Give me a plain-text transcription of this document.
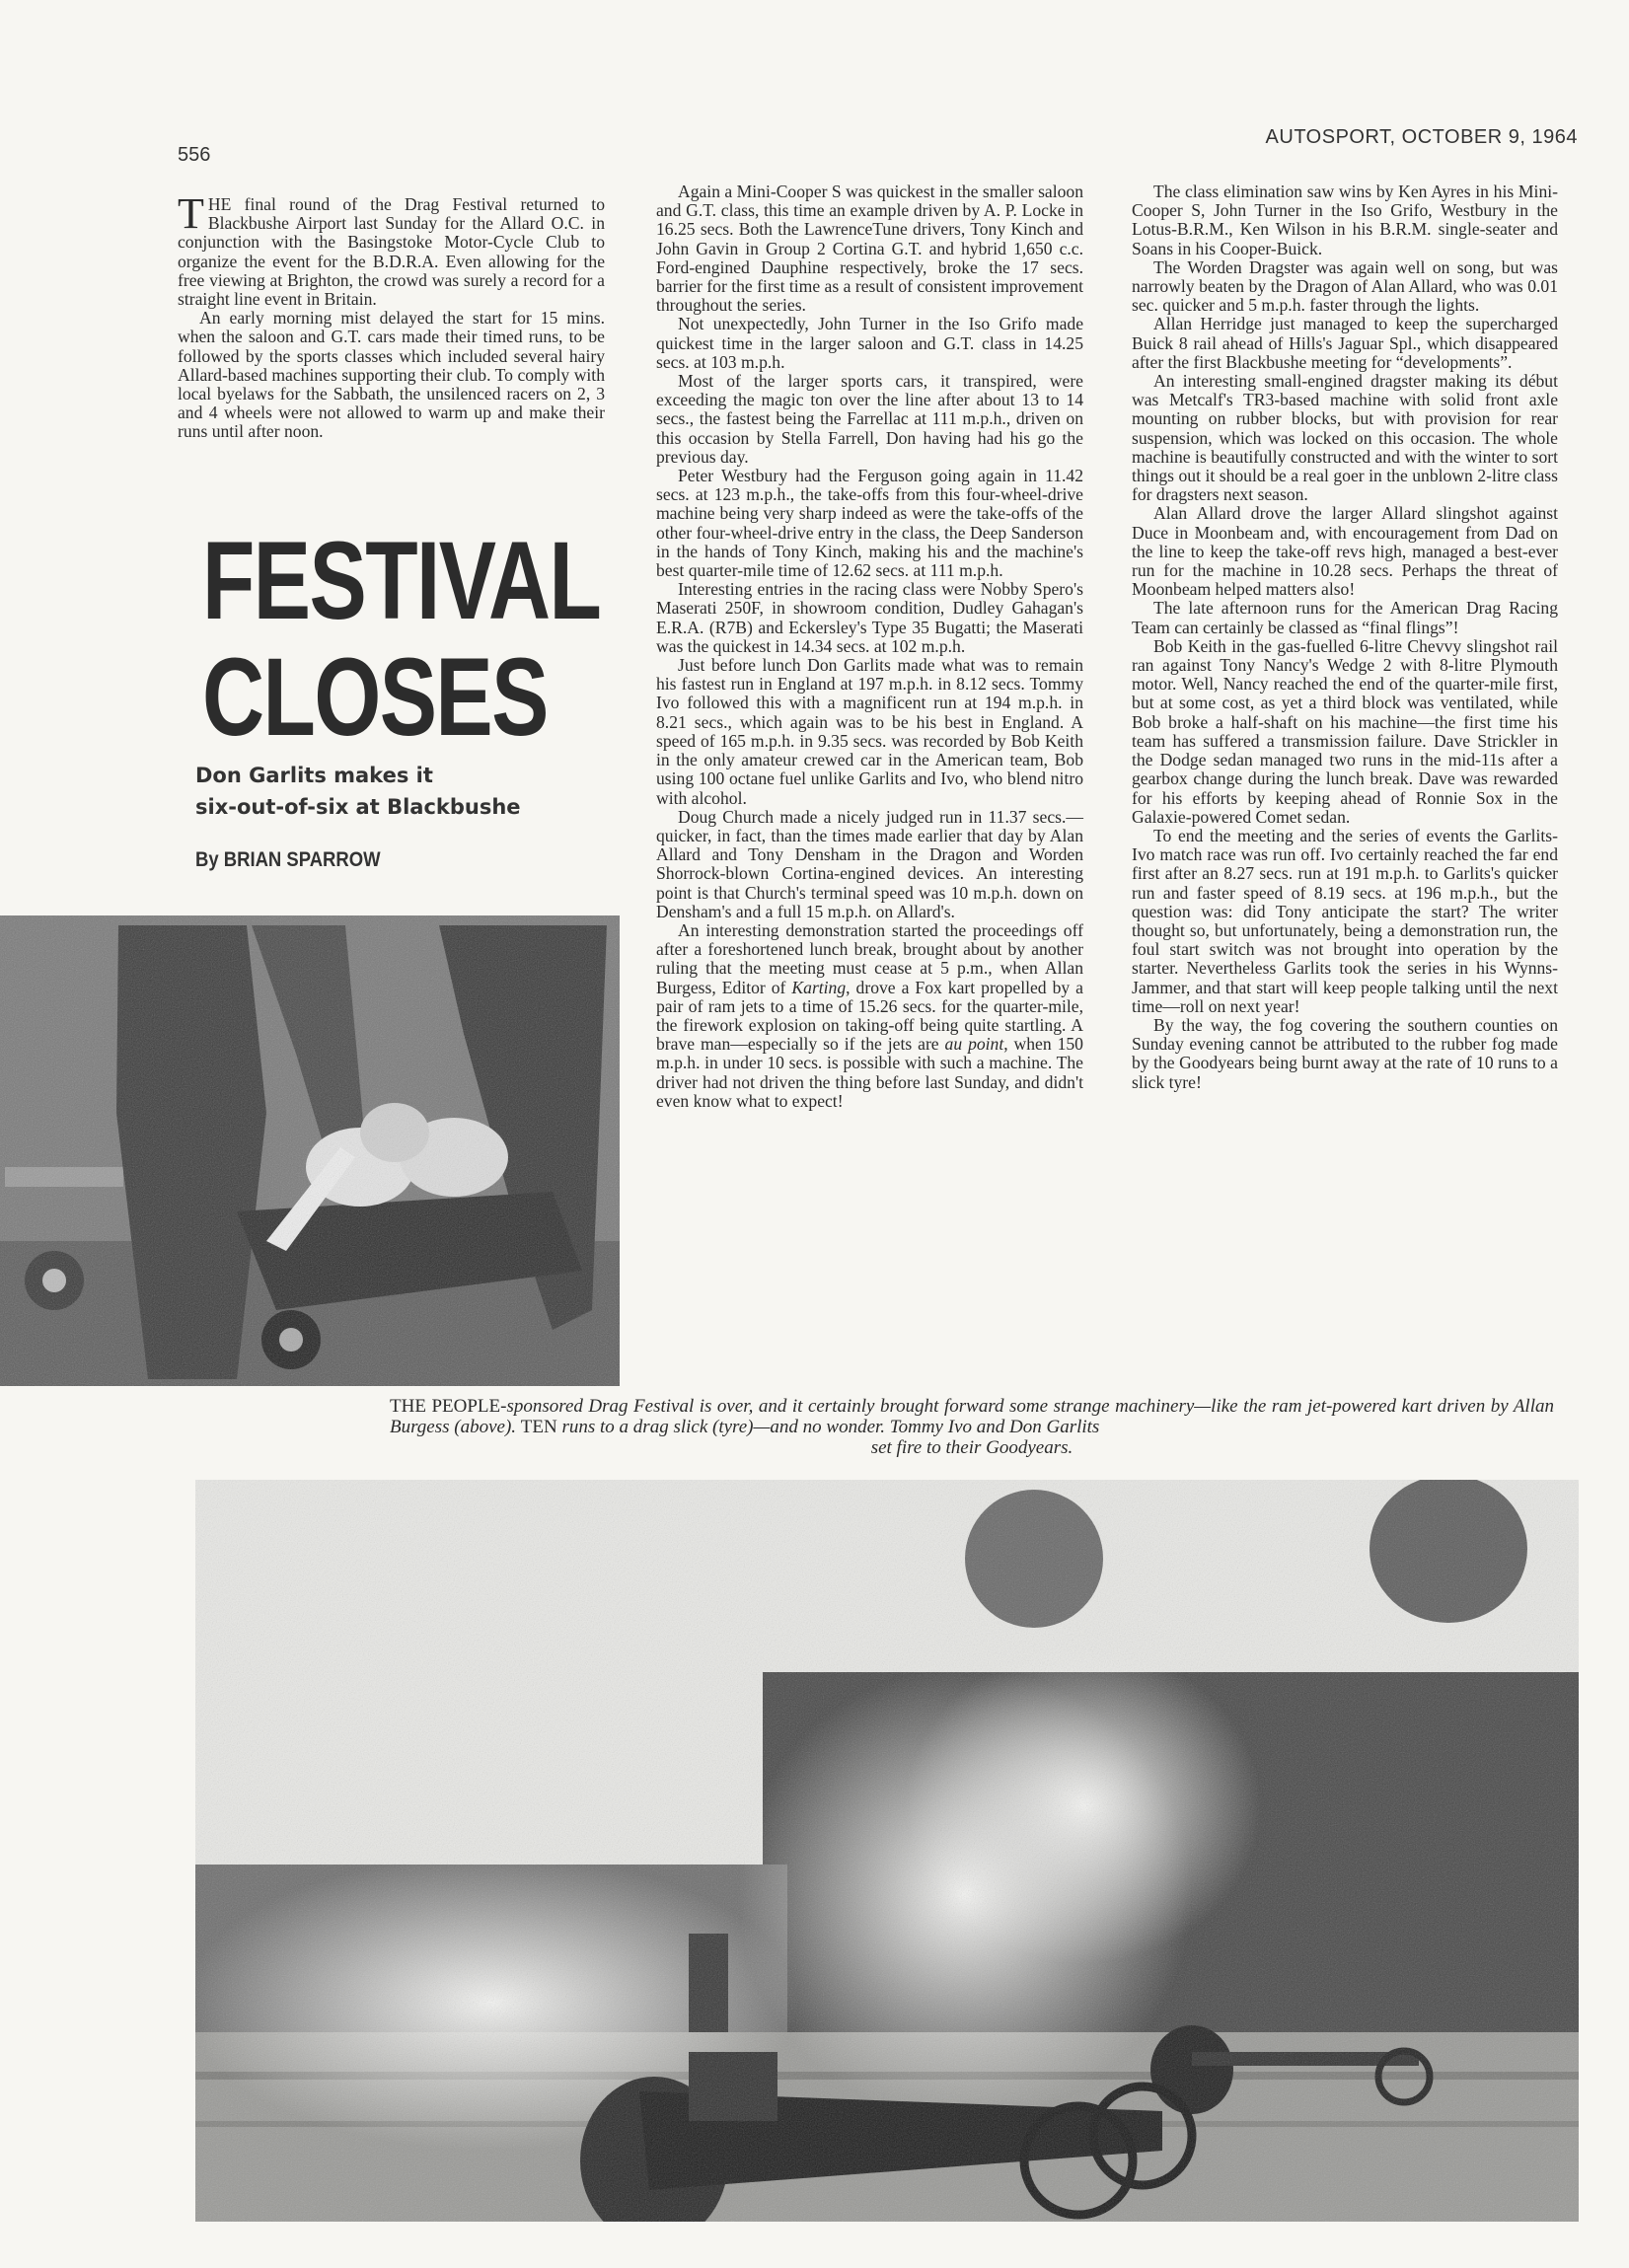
556
AUTOSPORT, OCTOBER 9, 1964

THE final round of the Drag Festival returned to Blackbushe Airport last Sunday for the Allard O.C. in conjunction with the Basingstoke Motor-Cycle Club to organize the event for the B.D.R.A. Even allowing for the free viewing at Brighton, the crowd was surely a record for a straight line event in Britain.

An early morning mist delayed the start for 15 mins. when the saloon and G.T. cars made their timed runs, to be followed by the sports classes which included several hairy Allard-based machines supporting their club. To comply with local byelaws for the Sabbath, the unsilenced racers on 2, 3 and 4 wheels were not allowed to warm up and make their runs until after noon.

FESTIVAL
CLOSES
Don Garlits makes it
six-out-of-six at Blackbushe
By BRIAN SPARROW

Again a Mini-Cooper S was quickest in the smaller saloon and G.T. class, this time an example driven by A. P. Locke in 16.25 secs. Both the LawrenceTune drivers, Tony Kinch and John Gavin in Group 2 Cortina G.T. and hybrid 1,650 c.c. Ford-engined Dauphine respectively, broke the 17 secs. barrier for the first time as a result of consistent improvement throughout the series.

Not unexpectedly, John Turner in the Iso Grifo made quickest time in the larger saloon and G.T. class in 14.25 secs. at 103 m.p.h.

Most of the larger sports cars, it transpired, were exceeding the magic ton over the line after about 13 to 14 secs., the fastest being the Farrellac at 111 m.p.h., driven on this occasion by Stella Farrell, Don having had his go the previous day.

Peter Westbury had the Ferguson going again in 11.42 secs. at 123 m.p.h., the take-offs from this four-wheel-drive machine being very sharp indeed as were the take-offs of the other four-wheel-drive entry in the class, the Deep Sanderson in the hands of Tony Kinch, making his and the machine's best quarter-mile time of 12.62 secs. at 111 m.p.h.

Interesting entries in the racing class were Nobby Spero's Maserati 250F, in showroom condition, Dudley Gahagan's E.R.A. (R7B) and Eckersley's Type 35 Bugatti; the Maserati was the quickest in 14.34 secs. at 102 m.p.h.

Just before lunch Don Garlits made what was to remain his fastest run in England at 197 m.p.h. in 8.12 secs. Tommy Ivo followed this with a magnificent run at 194 m.p.h. in 8.21 secs., which again was to be his best in England. A speed of 165 m.p.h. in 9.35 secs. was recorded by Bob Keith in the only amateur crewed car in the American team, Bob using 100 octane fuel unlike Garlits and Ivo, who blend nitro with alcohol.

Doug Church made a nicely judged run in 11.37 secs.—quicker, in fact, than the times made earlier that day by Alan Allard and Tony Densham in the Dragon and Worden Shorrock-blown Cortina-engined devices. An interesting point is that Church's terminal speed was 10 m.p.h. down on Densham's and a full 15 m.p.h. on Allard's.

An interesting demonstration started the proceedings off after a foreshortened lunch break, brought about by another ruling that the meeting must cease at 5 p.m., when Allan Burgess, Editor of Karting, drove a Fox kart propelled by a pair of ram jets to a time of 15.26 secs. for the quarter-mile, the firework explosion on taking-off being quite startling. A brave man—especially so if the jets are au point, when 150 m.p.h. in under 10 secs. is possible with such a machine. The driver had not driven the thing before last Sunday, and didn't even know what to expect!

The class elimination saw wins by Ken Ayres in his Mini-Cooper S, John Turner in the Iso Grifo, Westbury in the Lotus-B.R.M., Ken Wilson in his B.R.M. single-seater and Soans in his Cooper-Buick.

The Worden Dragster was again well on song, but was narrowly beaten by the Dragon of Alan Allard, who was 0.01 sec. quicker and 5 m.p.h. faster through the lights.

Allan Herridge just managed to keep the supercharged Buick 8 rail ahead of Hills's Jaguar Spl., which disappeared after the first Blackbushe meeting for “developments”.

An interesting small-engined dragster making its début was Metcalf's TR3-based machine with solid front axle mounting on rubber blocks, but with provision for rear suspension, which was locked on this occasion. The whole machine is beautifully constructed and with the winter to sort things out it should be a real goer in the unblown 2-litre class for dragsters next season.

Alan Allard drove the larger Allard slingshot against Duce in Moonbeam and, with encouragement from Dad on the line to keep the take-off revs high, managed a best-ever run for the machine in 10.28 secs. Perhaps the threat of Moonbeam helped matters also!

The late afternoon runs for the American Drag Racing Team can certainly be classed as “final flings”!

Bob Keith in the gas-fuelled 6-litre Chevvy slingshot rail ran against Tony Nancy's Wedge 2 with 8-litre Plymouth motor. Well, Nancy reached the end of the quarter-mile first, but at some cost, as yet a third block was ventilated, while Bob broke a half-shaft on his machine—the first time his team has suffered a transmission failure. Dave Strickler in the Dodge sedan managed two runs in the mid-11s after a gearbox change during the lunch break. Dave was rewarded for his efforts by keeping ahead of Ronnie Sox in the Galaxie-powered Comet sedan.

To end the meeting and the series of events the Garlits-Ivo match race was run off. Ivo certainly reached the far end first after an 8.27 secs. run at 191 m.p.h. to Garlits's quicker run and faster speed of 8.19 secs. at 196 m.p.h., but the question was: did Tony anticipate the start? The writer thought so, but unfortunately, being a demonstration run, the foul start switch was not brought into operation by the starter. Nevertheless Garlits took the series in his Wynns-Jammer, and that start will keep people talking until the next time—roll on next year!

By the way, the fog covering the southern counties on Sunday evening cannot be attributed to the rubber fog made by the Goodyears being burnt away at the rate of 10 runs to a slick tyre!

THE PEOPLE-sponsored Drag Festival is over, and it certainly brought forward some strange machinery—like the ram jet-powered kart driven by Allan Burgess (above). TEN runs to a drag slick (tyre)—and no wonder. Tommy Ivo and Don Garlits
set fire to their Goodyears.
